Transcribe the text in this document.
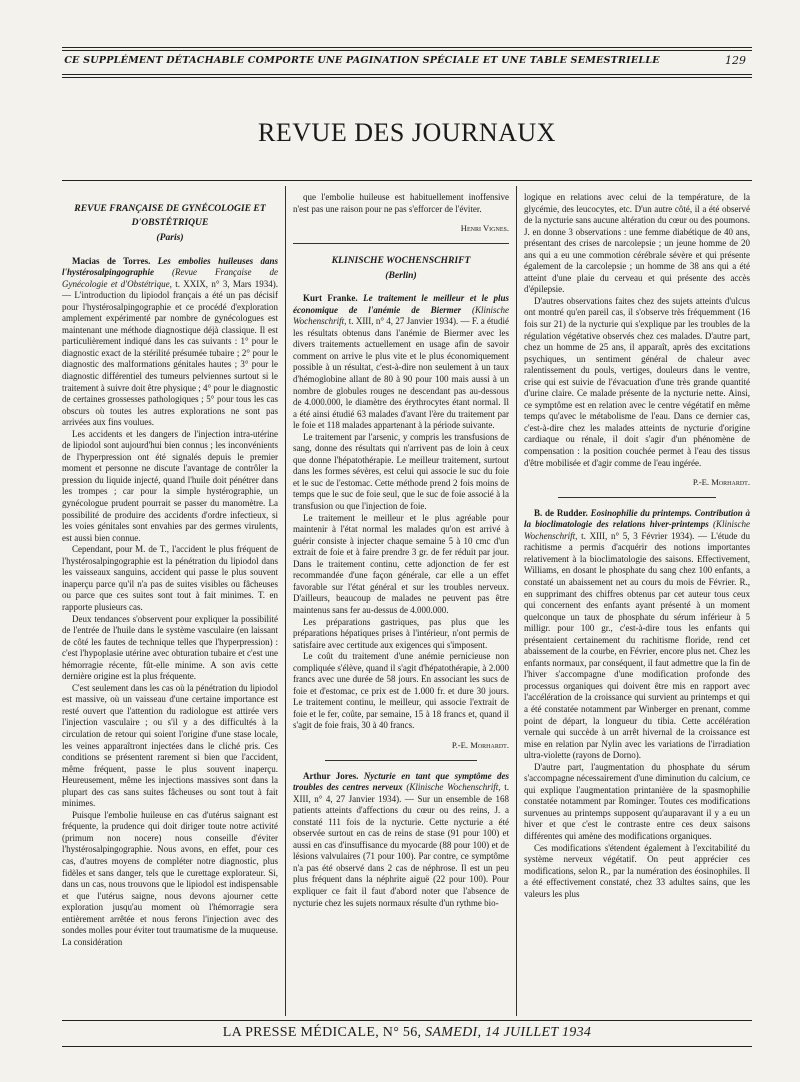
CE SUPPLÉMENT DÉTACHABLE COMPORTE UNE PAGINATION SPÉCIALE ET UNE TABLE SEMESTRIELLE	129
REVUE DES JOURNAUX
REVUE FRANÇAISE DE GYNÉCOLOGIE ET D'OBSTÉTRIQUE
(Paris)

Macias de Torres. Les embolies huileuses dans l'hystérosalpingographie (Revue Française de Gynécologie et d'Obstétrique, t. XXIX, n° 3, Mars 1934). — L'introduction du lipiodol français a été un pas décisif pour l'hystérosalpingographie et ce procédé d'exploration amplement expérimenté par nombre de gynécologues est maintenant une méthode diagnostique déjà classique. Il est particulièrement indiqué dans les cas suivants : 1° pour le diagnostic exact de la stérilité présumée tubaire ; 2° pour le diagnostic des malformations génitales hautes ; 3° pour le diagnostic différentiel des tumeurs pelviennes surtout si le traitement à suivre doit être physique ; 4° pour le diagnostic de certaines grossesses pathologiques ; 5° pour tous les cas obscurs où toutes les autres explorations ne sont pas arrivées aux fins voulues.

Les accidents et les dangers de l'injection intra-utérine de lipiodol sont aujourd'hui bien connus ; les inconvénients de l'hyperpression ont été signalés depuis le premier moment et personne ne discute l'avantage de contrôler la pression du liquide injecté, quand l'huile doit pénétrer dans les trompes ; car pour la simple hystérographie, un gynécologue prudent pourrait se passer du manomètre. La possibilité de produire des accidents d'ordre infectieux, si les voies génitales sont envahies par des germes virulents, est aussi bien connue.

Cependant, pour M. de T., l'accident le plus fréquent de l'hystérosalpingographie est la pénétration du lipiodol dans les vaisseaux sanguins, accident qui passe le plus souvent inaperçu parce qu'il n'a pas de suites visibles ou fâcheuses ou parce que ces suites sont tout à fait minimes. T. en rapporte plusieurs cas.

Deux tendances s'observent pour expliquer la possibilité de l'entrée de l'huile dans le système vasculaire (en laissant de côté les fautes de technique telles que l'hyperpression) : c'est l'hypoplasie utérine avec obturation tubaire et c'est une hémorragie récente, fût-elle minime. A son avis cette dernière origine est la plus fréquente.

C'est seulement dans les cas où la pénétration du lipiodol est massive, où un vaisseau d'une certaine importance est resté ouvert que l'attention du radiologue est attirée vers l'injection vasculaire ; ou s'il y a des difficultés à la circulation de retour qui soient l'origine d'une stase locale, les veines apparaîtront injectées dans le cliché pris. Ces conditions se présentent rarement si bien que l'accident, même fréquent, passe le plus souvent inaperçu. Heureusement, même les injections massives sont dans la plupart des cas sans suites fâcheuses ou sont tout à fait minimes.

Puisque l'embolie huileuse en cas d'utérus saignant est fréquente, la prudence qui doit diriger toute notre activité (primum non nocere) nous conseille d'éviter l'hystérosalpingographie. Nous avons, en effet, pour ces cas, d'autres moyens de compléter notre diagnostic, plus fidèles et sans danger, tels que le curettage explorateur. Si, dans un cas, nous trouvons que le lipiodol est indispensable et que l'utérus saigne, nous devons ajourner cette exploration jusqu'au moment où l'hémorragie sera entièrement arrêtée et nous ferons l'injection avec des sondes molles pour éviter tout traumatisme de la muqueuse. La considération

que l'embolie huileuse est habituellement inoffensive n'est pas une raison pour ne pas s'efforcer de l'éviter.

Henri Vignes.
KLINISCHE WOCHENSCHRIFT
(Berlin)

Kurt Franke. Le traitement le meilleur et le plus économique de l'anémie de Biermer (Klinische Wochenschrift, t. XIII, n° 4, 27 Janvier 1934). — F. a étudié les résultats obtenus dans l'anémie de Biermer avec les divers traitements actuellement en usage afin de savoir comment on arrive le plus vite et le plus économiquement possible à un résultat, c'est-à-dire non seulement à un taux d'hémoglobine allant de 80 à 90 pour 100 mais aussi à un nombre de globules rouges ne descendant pas au-dessous de 4.000.000, le diamètre des érythrocytes étant normal. Il a été ainsi étudié 63 malades d'avant l'ère du traitement par le foie et 118 malades appartenant à la période suivante.

Le traitement par l'arsenic, y compris les transfusions de sang, donne des résultats qui n'arrivent pas de loin à ceux que donne l'hépatothérapie. Le meilleur traitement, surtout dans les formes sévères, est celui qui associe le suc du foie et le suc de l'estomac. Cette méthode prend 2 fois moins de temps que le suc de foie seul, que le suc de foie associé à la transfusion ou que l'injection de foie.

Le traitement le meilleur et le plus agréable pour maintenir à l'état normal les malades qu'on est arrivé à guérir consiste à injecter chaque semaine 5 à 10 cmc d'un extrait de foie et à faire prendre 3 gr. de fer réduit par jour. Dans le traitement continu, cette adjonction de fer est recommandée d'une façon générale, car elle a un effet favorable sur l'état général et sur les troubles nerveux. D'ailleurs, beaucoup de malades ne peuvent pas être maintenus sans fer au-dessus de 4.000.000.

Les préparations gastriques, pas plus que les préparations hépatiques prises à l'intérieur, n'ont permis de satisfaire avec certitude aux exigences qui s'imposent.

Le coût du traitement d'une anémie pernicieuse non compliquée s'élève, quand il s'agit d'hépatothérapie, à 2.000 francs avec une durée de 58 jours. En associant les sucs de foie et d'estomac, ce prix est de 1.000 fr. et dure 30 jours. Le traitement continu, le meilleur, qui associe l'extrait de foie et le fer, coûte, par semaine, 15 à 18 francs et, quand il s'agit de foie frais, 30 à 40 francs.

P.-E. Morhardt.

Arthur Jores. Nycturie en tant que symptôme des troubles des centres nerveux (Klinische Wochenschrift, t. XIII, n° 4, 27 Janvier 1934). — Sur un ensemble de 168 patients atteints d'affections du cœur ou des reins, J. a constaté 111 fois de la nycturie. Cette nycturie a été observée surtout en cas de reins de stase (91 pour 100) et aussi en cas d'insuffisance du myocarde (88 pour 100) et de lésions valvulaires (71 pour 100). Par contre, ce symptôme n'a pas été observé dans 2 cas de néphrose. Il est un peu plus fréquent dans la néphrite aiguë (22 pour 100). Pour expliquer ce fait il faut d'abord noter que l'absence de nycturie chez les sujets normaux résulte d'un rythme bio-

logique en relations avec celui de la température, de la glycémie, des leucocytes, etc. D'un autre côté, il a été observé de la nycturie sans aucune altération du cœur ou des poumons. J. en donne 3 observations : une femme diabétique de 40 ans, présentant des crises de narcolepsie ; un jeune homme de 20 ans qui a eu une commotion cérébrale sévère et qui présente également de la carcolepsie ; un homme de 38 ans qui a été atteint d'une plaie du cerveau et qui présente des accès d'épilepsie.

D'autres observations faites chez des sujets atteints d'ulcus ont montré qu'en pareil cas, il s'observe très fréquemment (16 fois sur 21) de la nycturie qui s'explique par les troubles de la régulation végétative observés chez ces malades. D'autre part, chez un homme de 25 ans, il apparaît, après des excitations psychiques, un sentiment général de chaleur avec ralentissement du pouls, vertiges, douleurs dans le ventre, crise qui est suivie de l'évacuation d'une très grande quantité d'urine claire. Ce malade présente de la nycturie nette. Ainsi, ce symptôme est en relation avec le centre végétatif en même temps qu'avec le métabolisme de l'eau. Dans ce dernier cas, c'est-à-dire chez les malades atteints de nycturie d'origine cardiaque ou rénale, il doit s'agir d'un phénomène de compensation : la position couchée permet à l'eau des tissus d'être mobilisée et d'agir comme de l'eau ingérée.

P.-E. Morhardt.

B. de Rudder. Eosinophilie du printemps. Contribution à la bioclimatologie des relations hiver-printemps (Klinische Wochenschrift, t. XIII, n° 5, 3 Février 1934). — L'étude du rachitisme a permis d'acquérir des notions importantes relativement à la bioclimatologie des saisons. Effectivement, Williams, en dosant le phosphate du sang chez 100 enfants, a constaté un abaissement net au cours du mois de Février. R., en supprimant des chiffres obtenus par cet auteur tous ceux qui concernent des enfants ayant présenté à un moment quelconque un taux de phosphate du sérum inférieur à 5 milligr. pour 100 gr., c'est-à-dire tous les enfants qui présentaient certainement du rachitisme floride, rend cet abaissement de la courbe, en Février, encore plus net. Chez les enfants normaux, par conséquent, il faut admettre que la fin de l'hiver s'accompagne d'une modification profonde des processus organiques qui doivent être mis en rapport avec l'accélération de la croissance qui survient au printemps et qui a été constatée notamment par Winberger en prenant, comme point de départ, la longueur du tibia. Cette accélération vernale qui succède à un arrêt hivernal de la croissance est mise en relation par Nylin avec les variations de l'irradiation ultra-violette (rayons de Dorno).

D'autre part, l'augmentation du phosphate du sérum s'accompagne nécessairement d'une diminution du calcium, ce qui explique l'augmentation printanière de la spasmophilie constatée notamment par Rominger. Toutes ces modifications survenues au printemps supposent qu'auparavant il y a eu un hiver et que c'est le contraste entre ces deux saisons différentes qui amène des modifications organiques.

Ces modifications s'étendent également à l'excitabilité du système nerveux végétatif. On peut apprécier ces modifications, selon R., par la numération des éosinophiles. Il a été effectivement constaté, chez 33 adultes sains, que les valeurs les plus

LA PRESSE MÉDICALE, N° 56, SAMEDI, 14 JUILLET 1934
